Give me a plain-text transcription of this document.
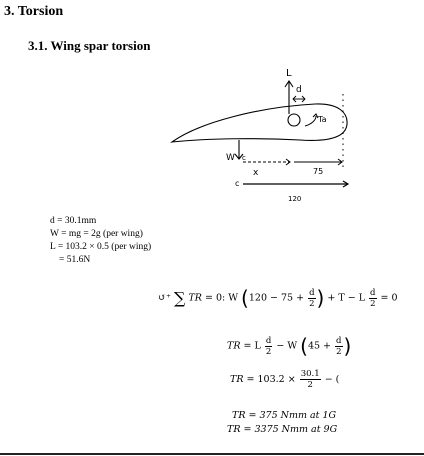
3. Torsion
3.1. Wing spar torsion
L
d
Ta
W c
x	75
c
120
d = 30.1mm
W = mg = 2g (per wing)
L = 103.2 × 0.5 (per wing)
= 51.6N
↺⁺ ∑ TR = 0: W ($120 - 75 + \frac{d}{2}$ ) + T − L $\frac{d}{2} = 0$
TR = L $\frac{d}{2} - W$ ($45 + \frac{d}{2}$ )
TR = $103.2 \times \frac{30.1}{2}$ − (
TR = 375 Nmm at 1G
TR = 3375 Nmm at 9G
